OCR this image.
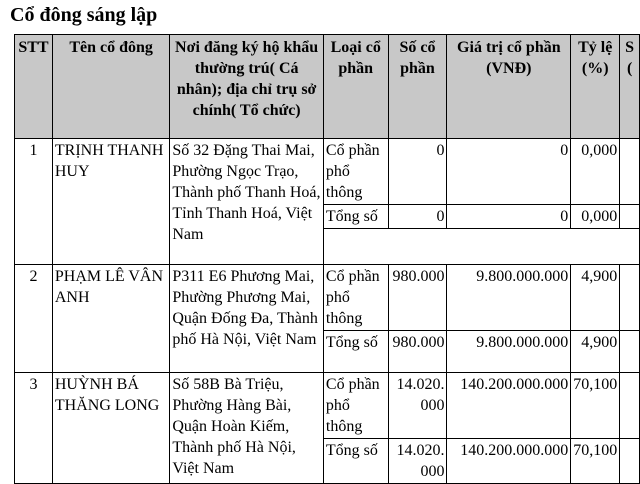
Cổ đông sáng lập
STT	Tên cổ đông	Nơi đăng ký hộ khẩu thường trú( Cá nhân); địa chỉ trụ sở chính( Tổ chức)	Loại cổ phần	Số cổ phần	Giá trị cổ phần (VNĐ)	Tỷ lệ (%)	S (
1	TRỊNH THANH HUY	Số 32 Đặng Thai Mai, Phường Ngọc Trạo, Thành phố Thanh Hoá, Tỉnh Thanh Hoá, Việt Nam	Cổ phần phổ thông	0	0	0,000	
			Tổng số	0	0	0,000	

2	PHẠM LÊ VÂN ANH	P311 E6 Phương Mai, Phường Phương Mai, Quận Đống Đa, Thành phố Hà Nội, Việt Nam	Cổ phần phổ thông	980.000	9.800.000.000	4,900	
			Tổng số	980.000	9.800.000.000	4,900	
3	HUỲNH BÁ THĂNG LONG	Số 58B Bà Triệu, Phường Hàng Bài, Quận Hoàn Kiếm, Thành phố Hà Nội, Việt Nam	Cổ phần phổ thông	14.020.000	140.200.000.000	70,100	
			Tổng số	14.020.000	140.200.000.000	70,100	
